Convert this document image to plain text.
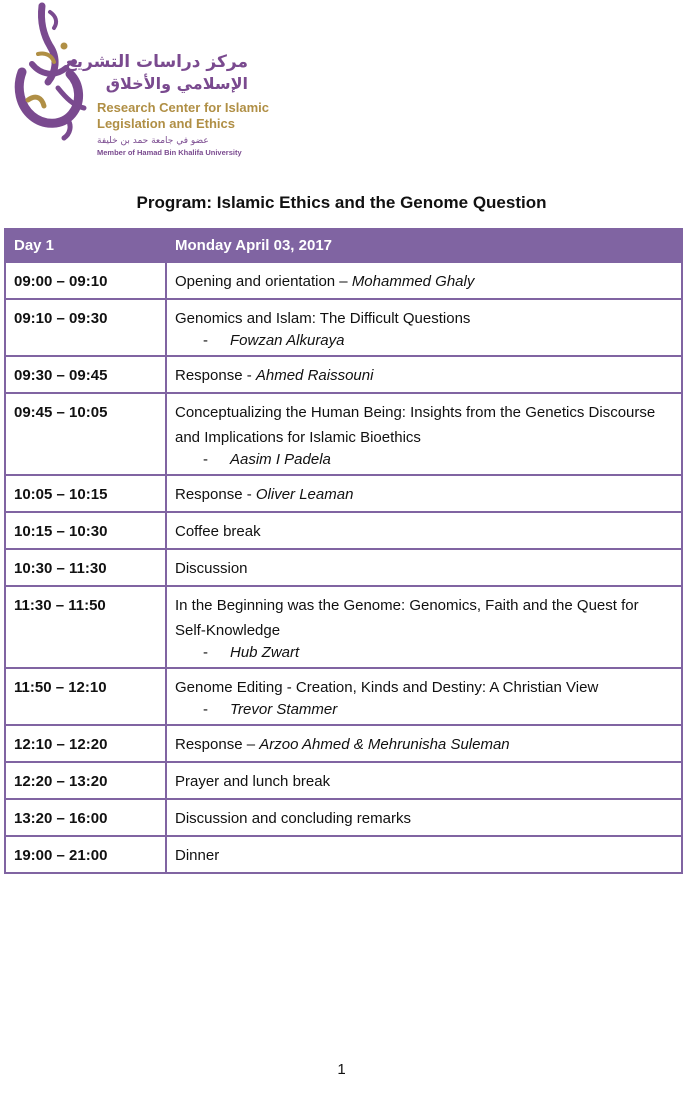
مركز دراسات التشريع
الإسلامي والأخلاق
Research Center for Islamic
Legislation and Ethics
عضو في جامعة حمد بن خليفة
Member of Hamad Bin Khalifa University
Program: Islamic Ethics and the Genome Question
Day 1	Monday April 03, 2017
09:00 – 09:10	Opening and orientation – Mohammed Ghaly

09:10 – 09:30	Genomics and Islam: The Difficult Questions
- Fowzan Alkuraya

09:30 – 09:45	Response - Ahmed Raissouni

09:45 – 10:05	Conceptualizing the Human Being: Insights from the Genetics Discourse and Implications for Islamic Bioethics
- Aasim I Padela

10:05 – 10:15	Response - Oliver Leaman

10:15 – 10:30	Coffee break

10:30 – 11:30	Discussion

11:30 – 11:50	In the Beginning was the Genome: Genomics, Faith and the Quest for Self-Knowledge
- Hub Zwart

11:50 – 12:10	Genome Editing - Creation, Kinds and Destiny: A Christian View
- Trevor Stammer

12:10 – 12:20	Response – Arzoo Ahmed & Mehrunisha Suleman

12:20 – 13:20	Prayer and lunch break

13:20 – 16:00	Discussion and concluding remarks

19:00 – 21:00	Dinner
1
